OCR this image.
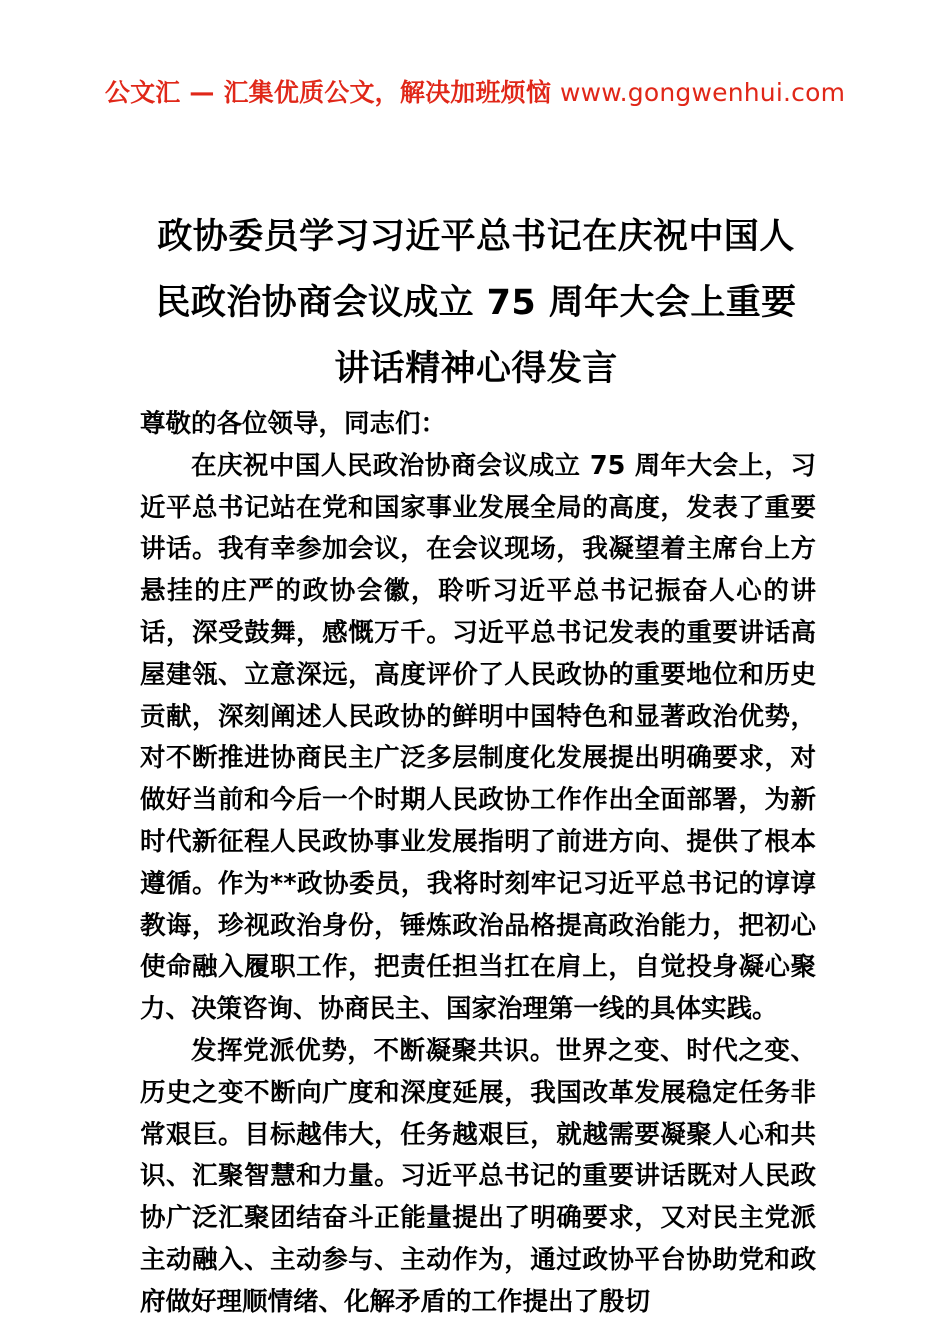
公文汇 — 汇集优质公文，解决加班烦恼 www.gongwenhui.com
政协委员学习习近平总书记在庆祝中国人民政治协商会议成立 75 周年大会上重要讲话精神心得发言

尊敬的各位领导，同志们：

在庆祝中国人民政治协商会议成立 75 周年大会上，习近平总书记站在党和国家事业发展全局的高度，发表了重要讲话。我有幸参加会议，在会议现场，我凝望着主席台上方悬挂的庄严的政协会徽，聆听习近平总书记振奋人心的讲话，深受鼓舞，感慨万千。习近平总书记发表的重要讲话高屋建瓴、立意深远，高度评价了人民政协的重要地位和历史贡献，深刻阐述人民政协的鲜明中国特色和显著政治优势，对不断推进协商民主广泛多层制度化发展提出明确要求，对做好当前和今后一个时期人民政协工作作出全面部署，为新时代新征程人民政协事业发展指明了前进方向、提供了根本遵循。作为**政协委员，我将时刻牢记习近平总书记的谆谆教诲，珍视政治身份，锤炼政治品格提高政治能力，把初心使命融入履职工作，把责任担当扛在肩上，自觉投身凝心聚力、决策咨询、协商民主、国家治理第一线的具体实践。

发挥党派优势，不断凝聚共识。世界之变、时代之变、历史之变不断向广度和深度延展，我国改革发展稳定任务非常艰巨。目标越伟大，任务越艰巨，就越需要凝聚人心和共识、汇聚智慧和力量。习近平总书记的重要讲话既对人民政协广泛汇聚团结奋斗正能量提出了明确要求，又对民主党派主动融入、主动参与、主动作为，通过政协平台协助党和政府做好理顺情绪、化解矛盾的工作提出了殷切
